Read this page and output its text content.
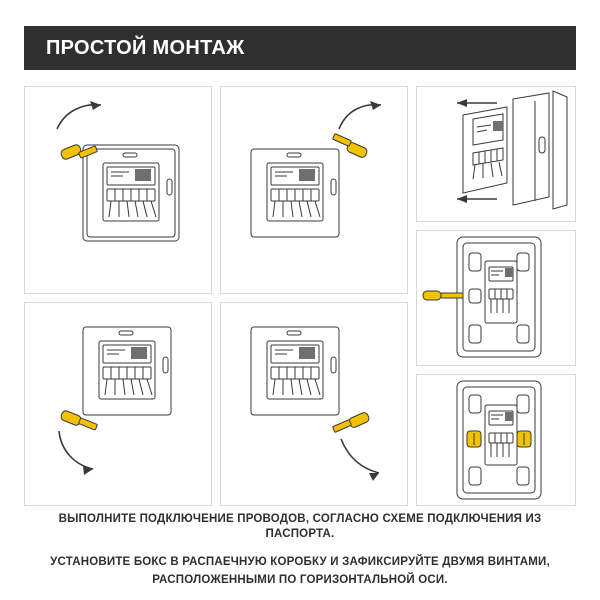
ПРОСТОЙ МОНТАЖ
ВЫПОЛНИТЕ ПОДКЛЮЧЕНИЕ ПРОВОДОВ, СОГЛАСНО СХЕМЕ ПОДКЛЮЧЕНИЯ ИЗ ПАСПОРТА.
УСТАНОВИТЕ БОКС В РАСПАЕЧНУЮ КОРОБКУ И ЗАФИКСИРУЙТЕ ДВУМЯ ВИНТАМИ,
РАСПОЛОЖЕННЫМИ ПО ГОРИЗОНТАЛЬНОЙ ОСИ.
